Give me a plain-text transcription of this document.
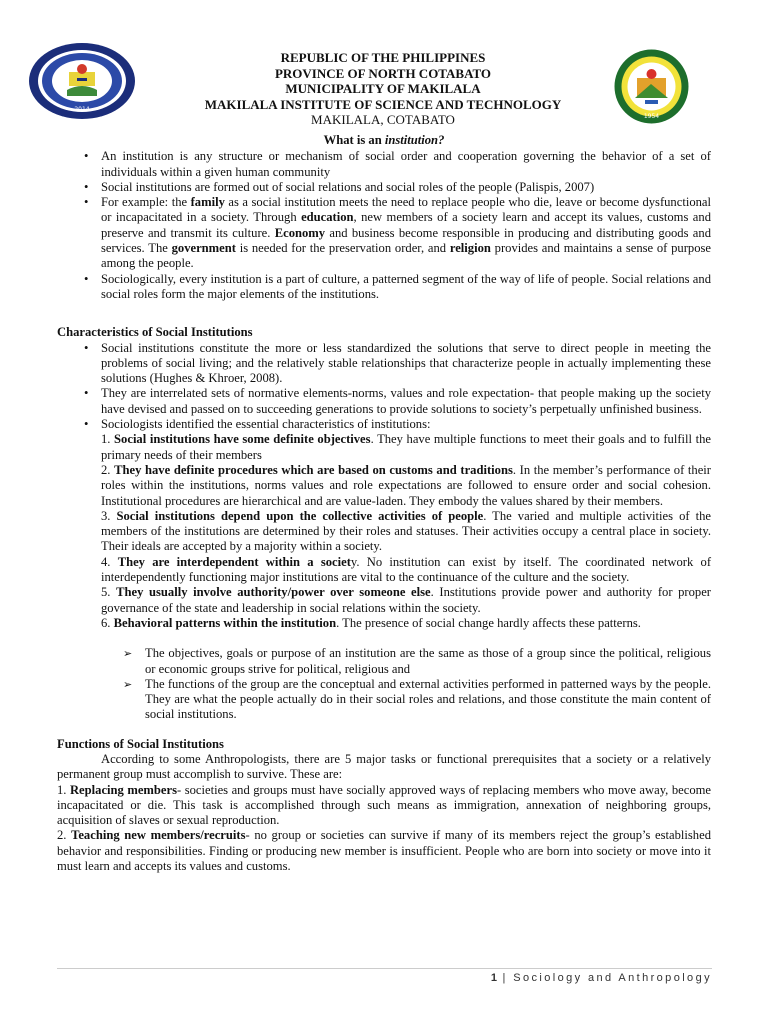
2014
1954
REPUBLIC OF THE PHILIPPINES
PROVINCE OF NORTH COTABATO
MUNICIPALITY OF MAKILALA
MAKILALA INSTITUTE OF SCIENCE AND TECHNOLOGY
MAKILALA, COTABATO
What is an institution?
• An institution is any structure or mechanism of social order and cooperation governing the behavior of a set of individuals within a given human community
• Social institutions are formed out of social relations and social roles of the people (Palispis, 2007)
• For example: the family as a social institution meets the need to replace people who die, leave or become dysfunctional or incapacitated in a society. Through education, new members of a society learn and accept its values, customs and preserve and transmit its culture. Economy and business become responsible in producing and distributing goods and services. The government is needed for the preservation order, and religion provides and maintains a sense of purpose among the people.
• Sociologically, every institution is a part of culture, a patterned segment of the way of life of people. Social relations and social roles form the major elements of the institutions.
Characteristics of Social Institutions
• Social institutions constitute the more or less standardized the solutions that serve to direct people in meeting the problems of social living; and the relatively stable relationships that characterize people in actually implementing these solutions (Hughes & Khroer, 2008).
• They are interrelated sets of normative elements-norms, values and role expectation- that people making up the society have devised and passed on to succeeding generations to provide solutions to society’s perpetually unfinished business.
• Sociologists identified the essential characteristics of institutions:
1. Social institutions have some definite objectives. They have multiple functions to meet their goals and to fulfill the primary needs of their members
2. They have definite procedures which are based on customs and traditions. In the member’s performance of their roles within the institutions, norms values and role expectations are followed to ensure order and social cohesion. Institutional procedures are hierarchical and are value-laden. They embody the values shared by their members.
3. Social institutions depend upon the collective activities of people. The varied and multiple activities of the members of the institutions are determined by their roles and statuses. Their activities occupy a central place in society. Their ideals are accepted by a majority within a society.
4. They are interdependent within a society. No institution can exist by itself. The coordinated network of interdependently functioning major institutions are vital to the continuance of the culture and the society.
5. They usually involve authority/power over someone else. Institutions provide power and authority for proper governance of the state and leadership in social relations within the society.
6. Behavioral patterns within the institution. The presence of social change hardly affects these patterns.
➢ The objectives, goals or purpose of an institution are the same as those of a group since the political, religious or economic groups strive for political, religious and
➢ The functions of the group are the conceptual and external activities performed in patterned ways by the people. They are what the people actually do in their social roles and relations, and those constitute the main content of social institutions.
Functions of Social Institutions
According to some Anthropologists, there are 5 major tasks or functional prerequisites that a society or a relatively permanent group must accomplish to survive. These are:
1. Replacing members- societies and groups must have socially approved ways of replacing members who move away, become incapacitated or die. This task is accomplished through such means as immigration, annexation of neighboring groups, acquisition of slaves or sexual reproduction.
2. Teaching new members/recruits- no group or societies can survive if many of its members reject the group’s established behavior and responsibilities. Finding or producing new member is insufficient. People who are born into society or move into it must learn and accepts its values and customs.
1 | Sociology and Anthropology
